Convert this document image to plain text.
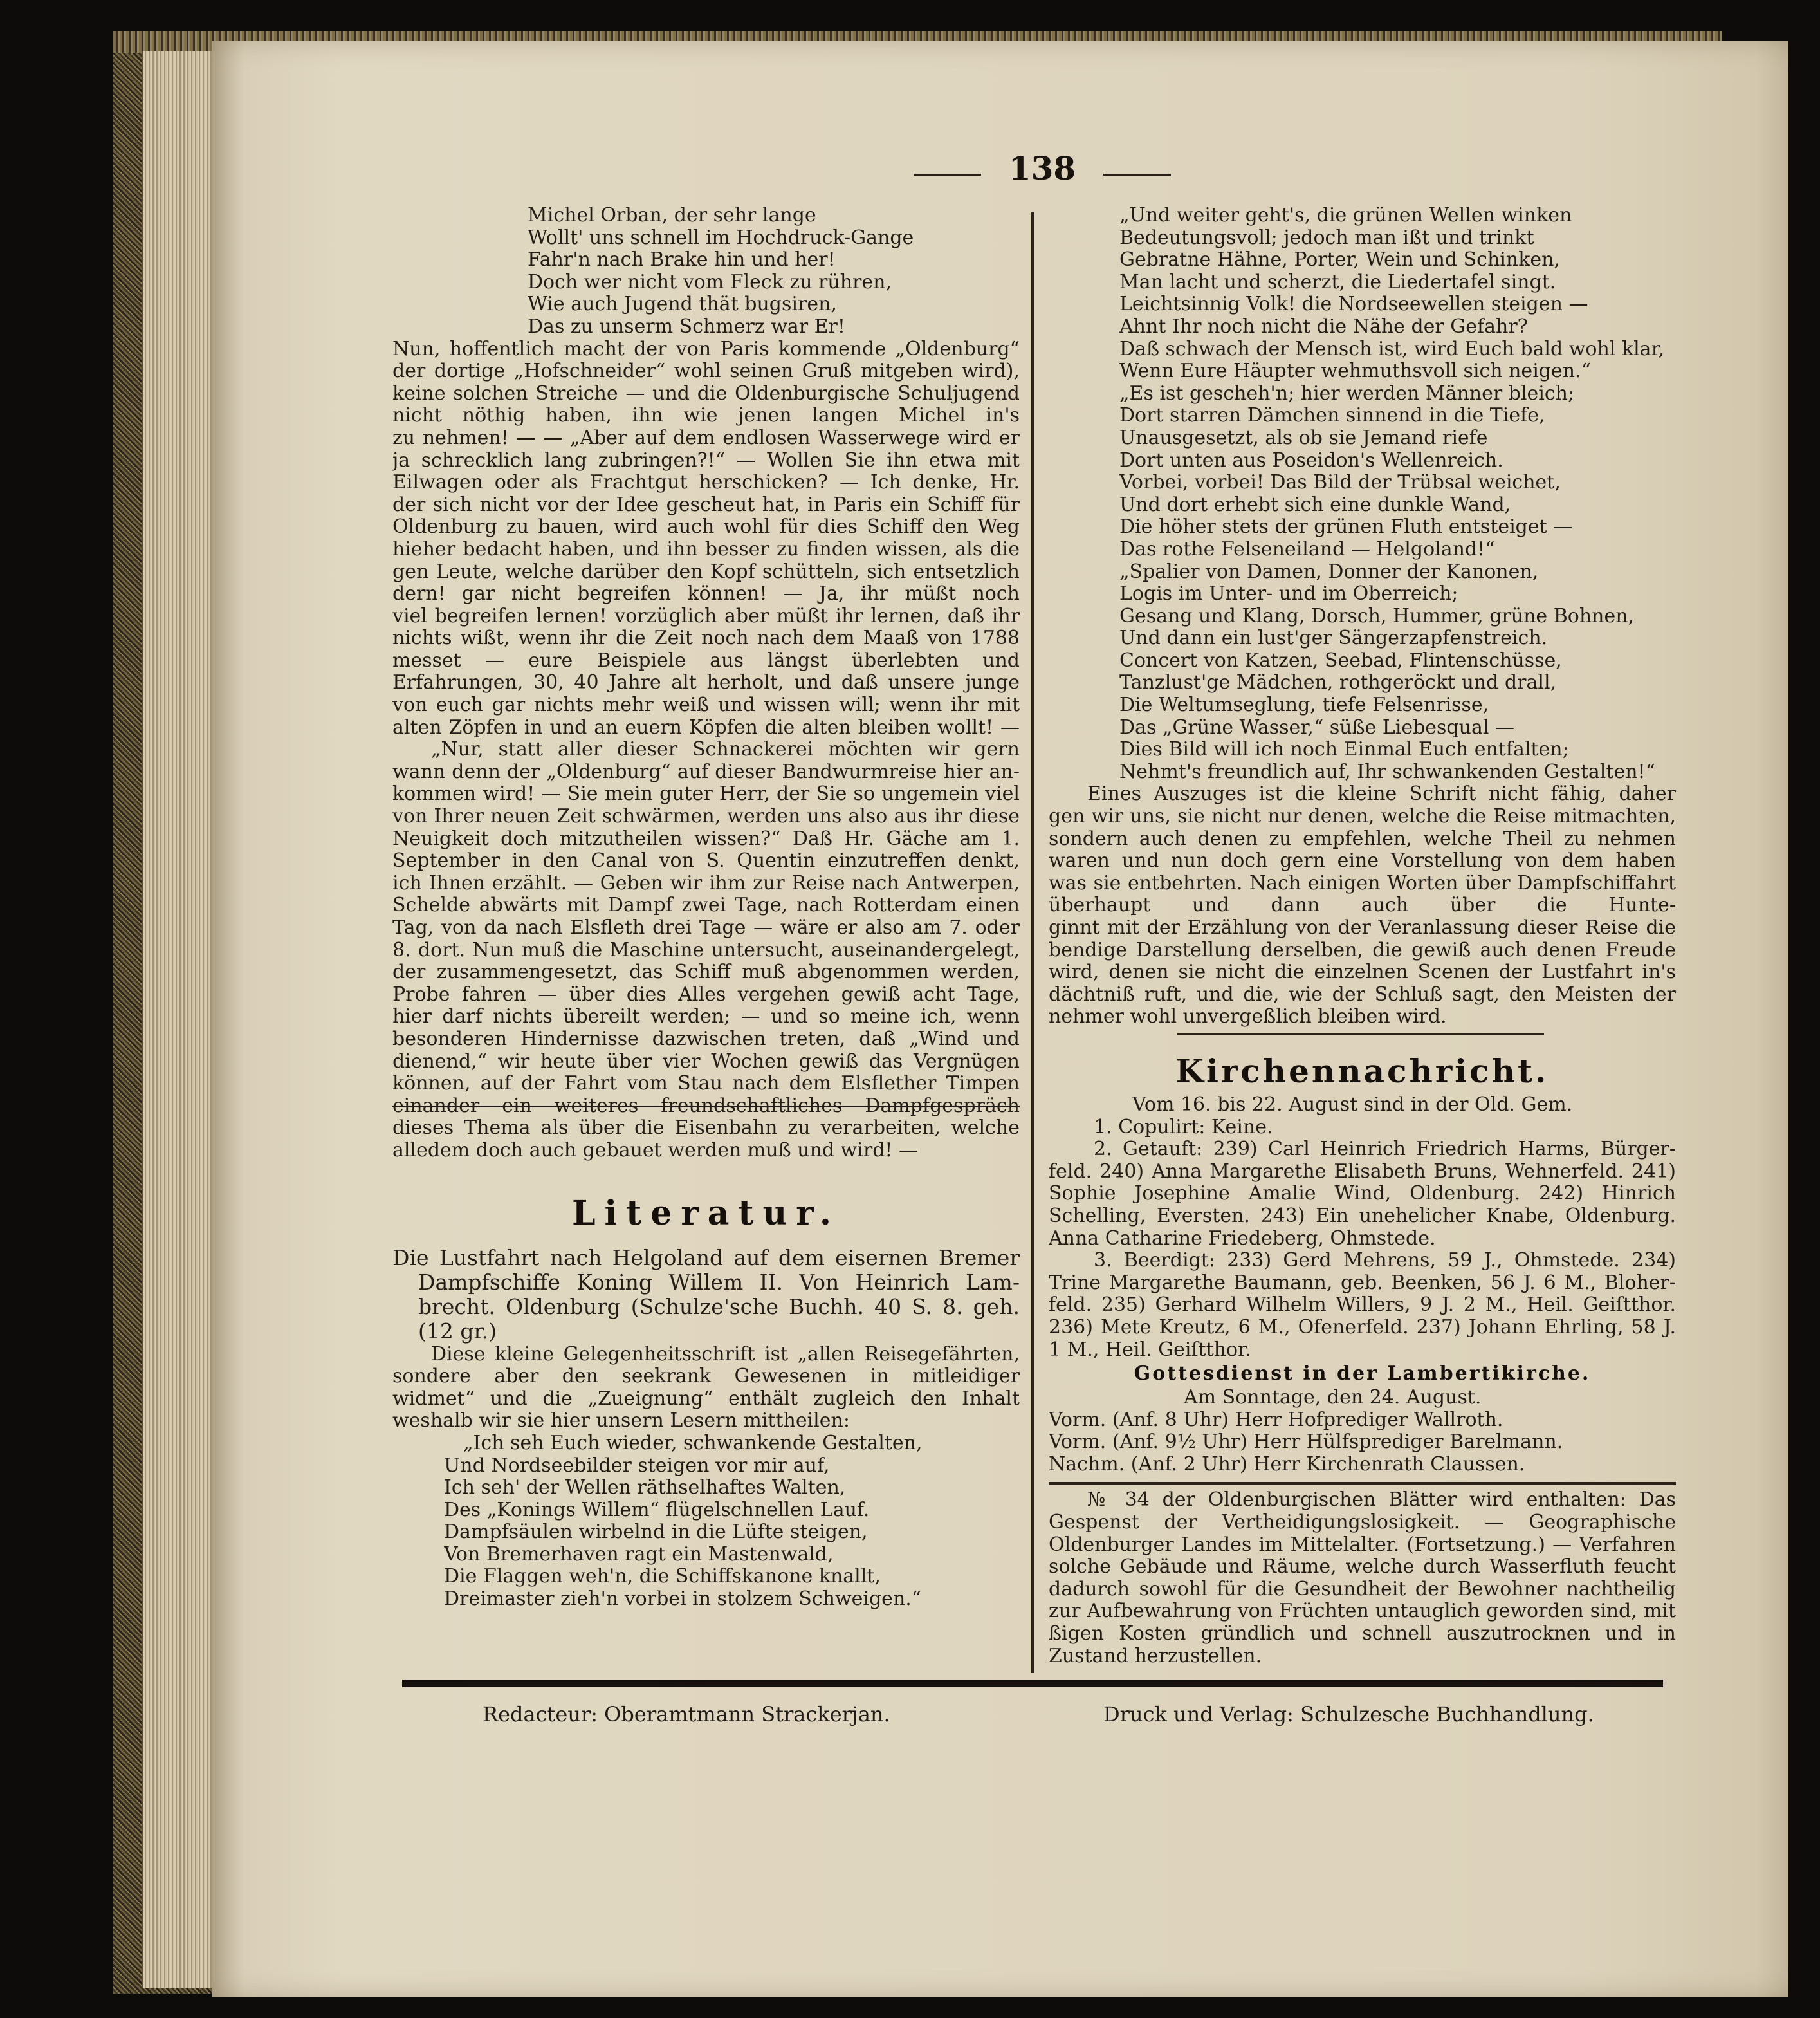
138
Michel Orban, der sehr lange
Wollt' uns schnell im Hochdruck-Gange
Fahr'n nach Brake hin und her!
Doch wer nicht vom Fleck zu rühren,
Wie auch Jugend thät bugsiren,
Das zu unserm Schmerz war Er!
Nun, hoffentlich macht der von Paris kommende „Oldenburg“
der dortige „Hofschneider“ wohl seinen Gruß mitgeben wird),
keine solchen Streiche — und die Oldenburgische Schuljugend
nicht nöthig haben, ihn wie jenen langen Michel in's
zu nehmen! — — „Aber auf dem endlosen Wasserwege wird er
ja schrecklich lang zubringen?!“ — Wollen Sie ihn etwa mit
Eilwagen oder als Frachtgut herschicken? — Ich denke, Hr.
der sich nicht vor der Idee gescheut hat, in Paris ein Schiff für
Oldenburg zu bauen, wird auch wohl für dies Schiff den Weg
hieher bedacht haben, und ihn besser zu finden wissen, als die
gen Leute, welche darüber den Kopf schütteln, sich entsetzlich
dern! gar nicht begreifen können! — Ja, ihr müßt noch
viel begreifen lernen! vorzüglich aber müßt ihr lernen, daß ihr
nichts wißt, wenn ihr die Zeit noch nach dem Maaß von 1788
messet — eure Beispiele aus längst überlebten und
Erfahrungen, 30, 40 Jahre alt herholt, und daß unsere junge
von euch gar nichts mehr weiß und wissen will; wenn ihr mit
alten Zöpfen in und an euern Köpfen die alten bleiben wollt! —
„Nur, statt aller dieser Schnackerei möchten wir gern
wann denn der „Oldenburg“ auf dieser Bandwurmreise hier an-
kommen wird! — Sie mein guter Herr, der Sie so ungemein viel
von Ihrer neuen Zeit schwärmen, werden uns also aus ihr diese
Neuigkeit doch mitzutheilen wissen?“ Daß Hr. Gäche am 1.
September in den Canal von S. Quentin einzutreffen denkt,
ich Ihnen erzählt. — Geben wir ihm zur Reise nach Antwerpen,
Schelde abwärts mit Dampf zwei Tage, nach Rotterdam einen
Tag, von da nach Elsfleth drei Tage — wäre er also am 7. oder
8. dort. Nun muß die Maschine untersucht, auseinandergelegt,
der zusammengesetzt, das Schiff muß abgenommen werden,
Probe fahren — über dies Alles vergehen gewiß acht Tage,
hier darf nichts übereilt werden; — und so meine ich, wenn
besonderen Hindernisse dazwischen treten, daß „Wind und
dienend,“ wir heute über vier Wochen gewiß das Vergnügen
können, auf der Fahrt vom Stau nach dem Elsflether Timpen
einander ein weiteres freundschaftliches Dampfgespräch
dieses Thema als über die Eisenbahn zu verarbeiten, welche
alledem doch auch gebauet werden muß und wird! —
Literatur.
Die Lustfahrt nach Helgoland auf dem eisernen Bremer
Dampfschiffe Koning Willem II. Von Heinrich Lam-
brecht. Oldenburg (Schulze'sche Buchh. 40 S. 8. geh.
(12 gr.)
Diese kleine Gelegenheitsschrift ist „allen Reisegefährten,
sondere aber den seekrank Gewesenen in mitleidiger
widmet“ und die „Zueignung“ enthält zugleich den Inhalt
weshalb wir sie hier unsern Lesern mittheilen:
„Ich seh Euch wieder, schwankende Gestalten,
Und Nordseebilder steigen vor mir auf,
Ich seh' der Wellen räthselhaftes Walten,
Des „Konings Willem“ flügelschnellen Lauf.
Dampfsäulen wirbelnd in die Lüfte steigen,
Von Bremerhaven ragt ein Mastenwald,
Die Flaggen weh'n, die Schiffskanone knallt,
Dreimaster zieh'n vorbei in stolzem Schweigen.“
„Und weiter geht's, die grünen Wellen winken
Bedeutungsvoll; jedoch man ißt und trinkt
Gebratne Hähne, Porter, Wein und Schinken,
Man lacht und scherzt, die Liedertafel singt.
Leichtsinnig Volk! die Nordseewellen steigen —
Ahnt Ihr noch nicht die Nähe der Gefahr?
Daß schwach der Mensch ist, wird Euch bald wohl klar,
Wenn Eure Häupter wehmuthsvoll sich neigen.“
„Es ist gescheh'n; hier werden Männer bleich;
Dort starren Dämchen sinnend in die Tiefe,
Unausgesetzt, als ob sie Jemand riefe
Dort unten aus Poseidon's Wellenreich.
Vorbei, vorbei! Das Bild der Trübsal weichet,
Und dort erhebt sich eine dunkle Wand,
Die höher stets der grünen Fluth entsteiget —
Das rothe Felseneiland — Helgoland!“
„Spalier von Damen, Donner der Kanonen,
Logis im Unter- und im Oberreich;
Gesang und Klang, Dorsch, Hummer, grüne Bohnen,
Und dann ein lust'ger Sängerzapfenstreich.
Concert von Katzen, Seebad, Flintenschüsse,
Tanzlust'ge Mädchen, rothgeröckt und drall,
Die Weltumseglung, tiefe Felsenrisse,
Das „Grüne Wasser,“ süße Liebesqual —
Dies Bild will ich noch Einmal Euch entfalten;
Nehmt's freundlich auf, Ihr schwankenden Gestalten!“
Eines Auszuges ist die kleine Schrift nicht fähig, daher
gen wir uns, sie nicht nur denen, welche die Reise mitmachten,
sondern auch denen zu empfehlen, welche Theil zu nehmen
waren und nun doch gern eine Vorstellung von dem haben
was sie entbehrten. Nach einigen Worten über Dampfschiffahrt
überhaupt und dann auch über die Hunte-
ginnt mit der Erzählung von der Veranlassung dieser Reise die
bendige Darstellung derselben, die gewiß auch denen Freude
wird, denen sie nicht die einzelnen Scenen der Lustfahrt in's
dächtniß ruft, und die, wie der Schluß sagt, den Meisten der
nehmer wohl unvergeßlich bleiben wird.
Kirchennachricht.
Vom 16. bis 22. August sind in der Old. Gem.
1. Copulirt: Keine.
2. Getauft: 239) Carl Heinrich Friedrich Harms, Bürger-
feld. 240) Anna Margarethe Elisabeth Bruns, Wehnerfeld. 241)
Sophie Josephine Amalie Wind, Oldenburg. 242) Hinrich
Schelling, Eversten. 243) Ein unehelicher Knabe, Oldenburg.
Anna Catharine Friedeberg, Ohmstede.
3. Beerdigt: 233) Gerd Mehrens, 59 J., Ohmstede. 234)
Trine Margarethe Baumann, geb. Beenken, 56 J. 6 M., Bloher-
feld. 235) Gerhard Wilhelm Willers, 9 J. 2 M., Heil. Geiſtthor.
236) Mete Kreutz, 6 M., Ofenerfeld. 237) Johann Ehrling, 58 J.
1 M., Heil. Geiſtthor.
Gottesdienst in der Lambertikirche.
Am Sonntage, den 24. August.
Vorm. (Anf. 8 Uhr) Herr Hofprediger Wallroth.
Vorm. (Anf. 9½ Uhr) Herr Hülfsprediger Barelmann.
Nachm. (Anf. 2 Uhr) Herr Kirchenrath Claussen.
№ 34 der Oldenburgischen Blätter wird enthalten: Das
Gespenst der Vertheidigungslosigkeit. — Geographische
Oldenburger Landes im Mittelalter. (Fortsetzung.) — Verfahren
solche Gebäude und Räume, welche durch Wasserfluth feucht
dadurch sowohl für die Gesundheit der Bewohner nachtheilig
zur Aufbewahrung von Früchten untauglich geworden sind, mit
ßigen Kosten gründlich und schnell auszutrocknen und in
Zustand herzustellen.
Redacteur: Oberamtmann Strackerjan.	Druck und Verlag: Schulzesche Buchhandlung.
